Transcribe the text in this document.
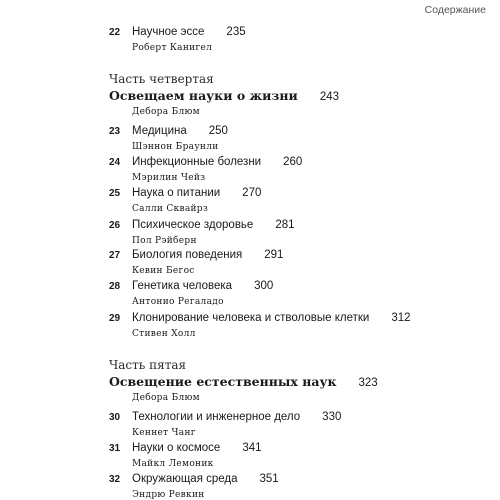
Содержание
22 Научное эссе 235
Роберт Канигел
Часть четвертая
Освещаем науки о жизни 243
Дебора Блюм
23 Медицина 250
Шэннон Браунли
24 Инфекционные болезни 260
Мэрилин Чейз
25 Наука о питании 270
Салли Сквайрз
26 Психическое здоровье 281
Пол Рэйберн
27 Биология поведения 291
Кевин Бегос
28 Генетика человека 300
Антонио Регаладо
29 Клонирование человека и стволовые клетки 312
Стивен Холл
Часть пятая
Освещение естественных наук 323
Дебора Блюм
30 Технологии и инженерное дело 330
Кеннет Чанг
31 Науки о космосе 341
Майкл Лемоник
32 Окружающая среда 351
Эндрю Ревкин
